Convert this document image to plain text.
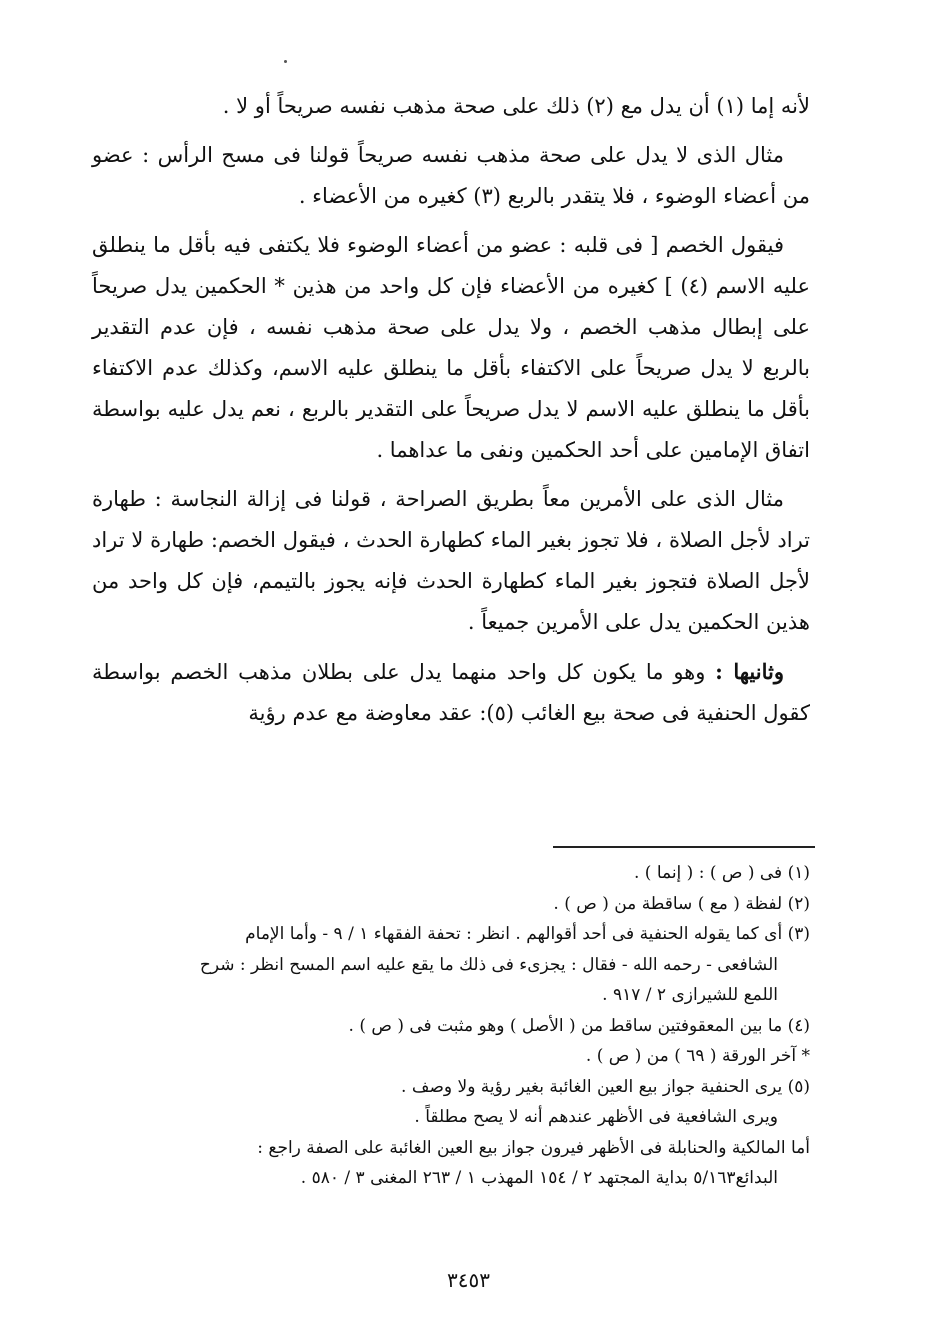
لأنه إما (١) أن يدل مع (٢) ذلك على صحة مذهب نفسه صريحاً أو لا .

مثال الذى لا يدل على صحة مذهب نفسه صريحاً قولنا فى مسح الرأس : عضو من أعضاء الوضوء ، فلا يتقدر بالربع (٣) كغيره من الأعضاء .

فيقول الخصم [ فى قلبه : عضو من أعضاء الوضوء فلا يكتفى فيه بأقل ما ينطلق عليه الاسم (٤) ] كغيره من الأعضاء فإن كل واحد من هذين * الحكمين يدل صريحاً على إبطال مذهب الخصم ، ولا يدل على صحة مذهب نفسه ، فإن عدم التقدير بالربع لا يدل صريحاً على الاكتفاء بأقل ما ينطلق عليه الاسم، وكذلك عدم الاكتفاء بأقل ما ينطلق عليه الاسم لا يدل صريحاً على التقدير بالربع ، نعم يدل عليه بواسطة اتفاق الإمامين على أحد الحكمين ونفى ما عداهما .

مثال الذى على الأمرين معاً بطريق الصراحة ، قولنا فى إزالة النجاسة : طهارة تراد لأجل الصلاة ، فلا تجوز بغير الماء كطهارة الحدث ، فيقول الخصم: طهارة لا تراد لأجل الصلاة فتجوز بغير الماء كطهارة الحدث فإنه يجوز بالتيمم، فإن كل واحد من هذين الحكمين يدل على الأمرين جميعاً .

وثانيها : وهو ما يكون كل واحد منهما يدل على بطلان مذهب الخصم بواسطة كقول الحنفية فى صحة بيع الغائب (٥): عقد معاوضة مع عدم رؤية

(١) فى ( ص ) : ( إنما ) .

(٢) لفظة ( مع ) ساقطة من ( ص ) .

(٣) أى كما يقوله الحنفية فى أحد أقوالهم . انظر : تحفة الفقهاء ١ / ٩ - وأما الإمام

الشافعى - رحمه الله - فقال : يجزىء فى ذلك ما يقع عليه اسم المسح انظر : شرح

اللمع للشيرازى ٢ / ٩١٧ .

(٤) ما بين المعقوفتين ساقط من ( الأصل ) وهو مثبت فى ( ص ) .

* آخر الورقة ( ٦٩ ) من ( ص ) .

(٥) يرى الحنفية جواز بيع العين الغائبة بغير رؤية ولا وصف .

ويرى الشافعية فى الأظهر عندهم أنه لا يصح مطلقاً .

أما المالكية والحنابلة فى الأظهر فيرون جواز بيع العين الغائبة على الصفة راجع :

البدائع٥/١٦٣ بداية المجتهد ٢ / ١٥٤ المهذب ١ / ٢٦٣ المغنى ٣ / ٥٨٠ .

٣٤٥٣
